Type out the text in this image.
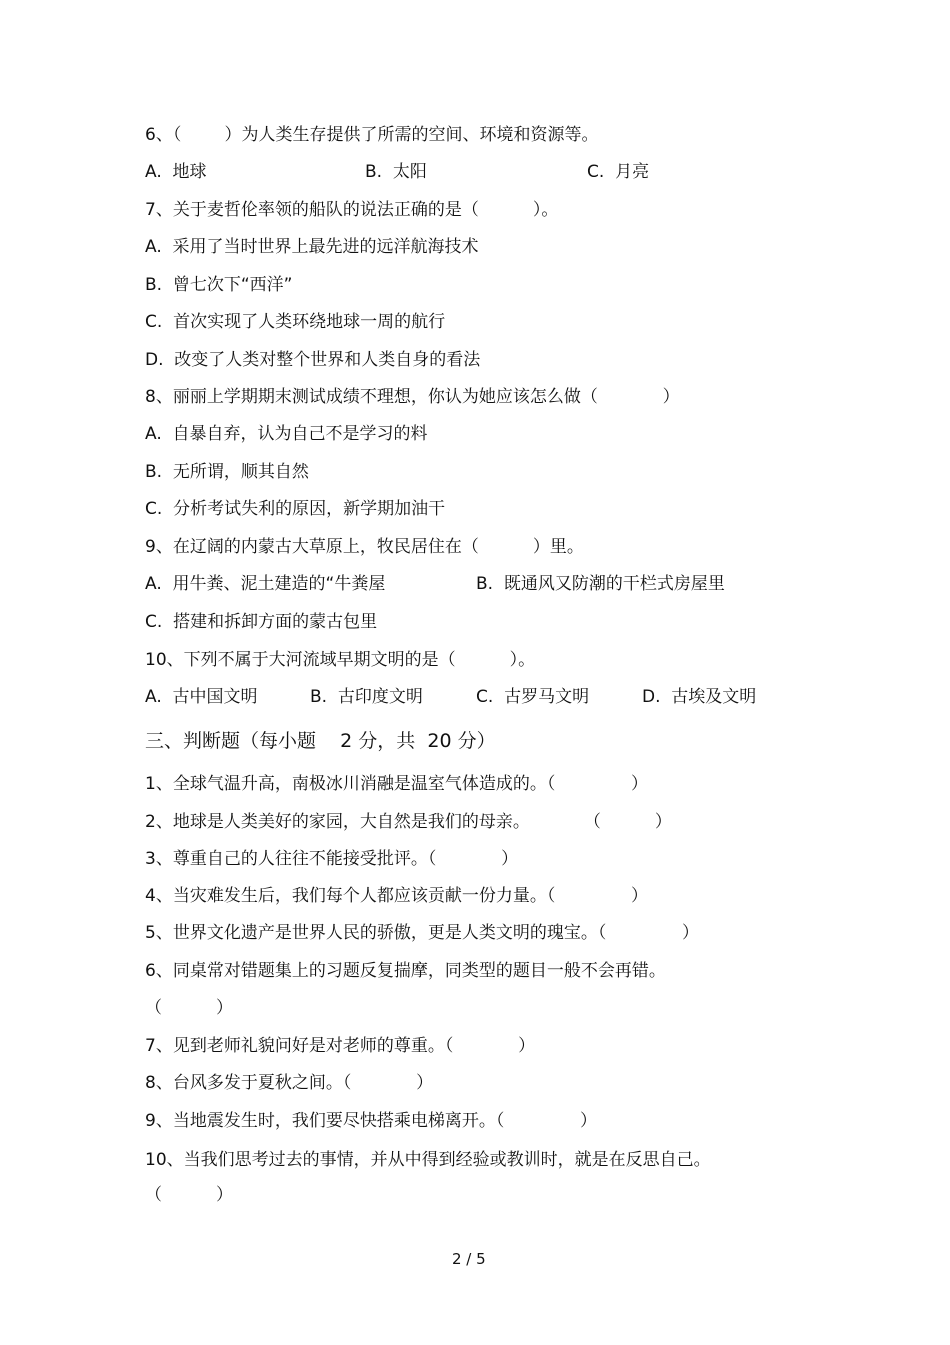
6、（        ）为人类生存提供了所需的空间、环境和资源等。
A.  地球	B.  太阳	C.  月亮
7、关于麦哲伦率领的船队的说法正确的是（          ）。
A.  采用了当时世界上最先进的远洋航海技术
B.  曾七次下“西洋”
C.  首次实现了人类环绕地球一周的航行
D.  改变了人类对整个世界和人类自身的看法
8、丽丽上学期期末测试成绩不理想，你认为她应该怎么做（            ）
A.  自暴自弃，认为自己不是学习的料
B.  无所谓，顺其自然
C.  分析考试失利的原因，新学期加油干
9、在辽阔的内蒙古大草原上，牧民居住在（          ）里。
A.  用牛粪、泥土建造的“牛粪屋	B.  既通风又防潮的干栏式房屋里
C.  搭建和拆卸方面的蒙古包里
10、下列不属于大河流域早期文明的是（          ）。
A.  古中国文明	B.  古印度文明	C.  古罗马文明	D.  古埃及文明
三、判断题（每小题    2 分，共  20 分）
1、全球气温升高，南极冰川消融是温室气体造成的。（              ）
2、地球是人类美好的家园，大自然是我们的母亲。          （          ）
3、尊重自己的人往往不能接受批评。（            ）
4、当灾难发生后，我们每个人都应该贡献一份力量。（              ）
5、世界文化遗产是世界人民的骄傲，更是人类文明的瑰宝。（              ）
6、同桌常对错题集上的习题反复揣摩，同类型的题目一般不会再错。
（          ）
7、见到老师礼貌问好是对老师的尊重。（            ）
8、台风多发于夏秋之间。（            ）
9、当地震发生时，我们要尽快搭乘电梯离开。（              ）
10、当我们思考过去的事情，并从中得到经验或教训时，就是在反思自己。
（          ）
2 / 5
